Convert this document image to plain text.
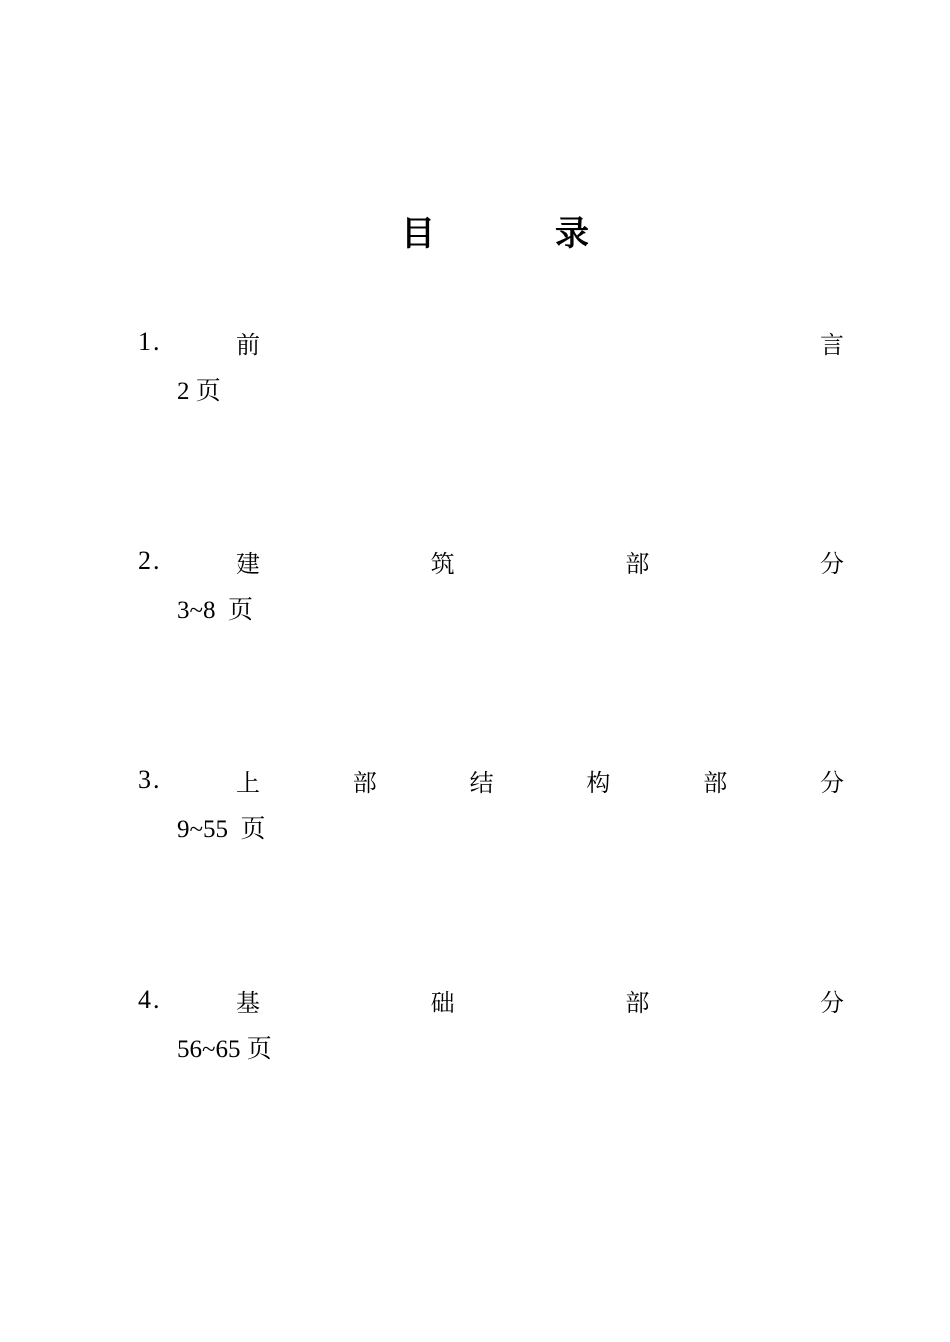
目	录
1.	前	言
2 页
2.	建	筑	部	分
3~8  页
3.	上	部	结	构	部	分
9~55  页
4.	基	础	部	分
56~65 页
